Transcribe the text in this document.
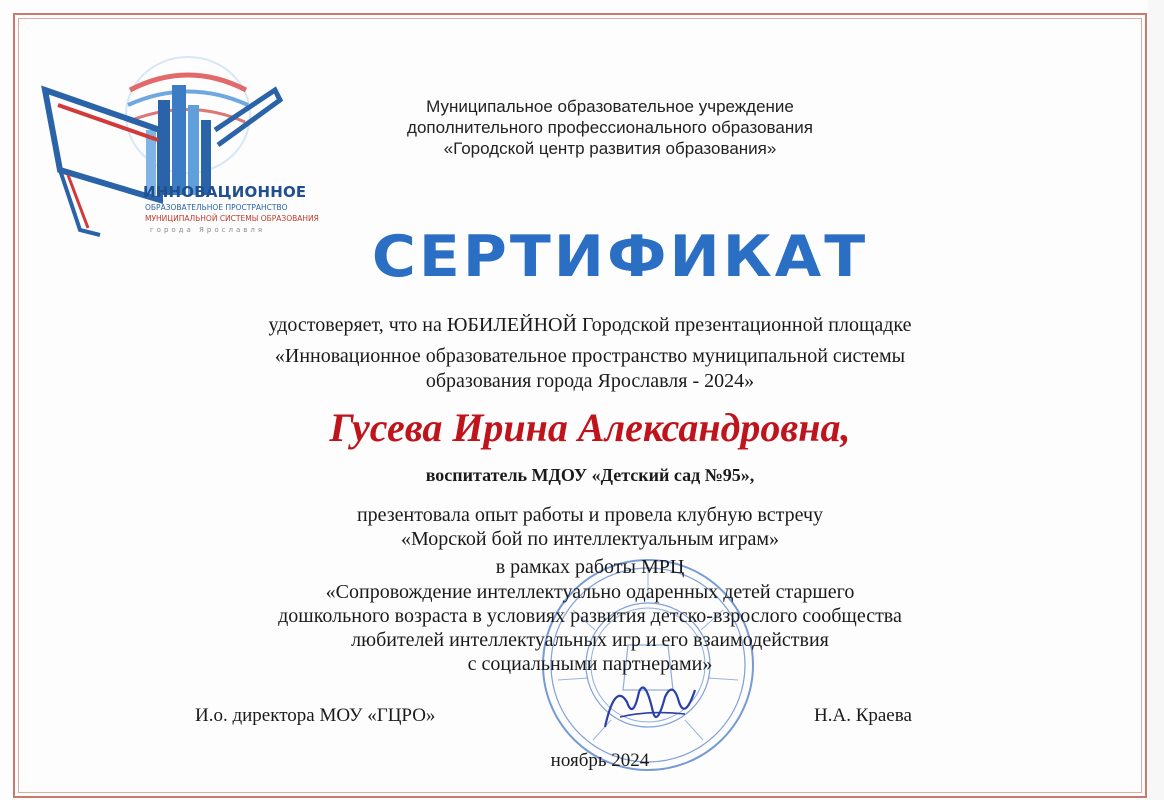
ИННОВАЦИОННОЕ
ОБРАЗОВАТЕЛЬНОЕ ПРОСТРАНСТВО
МУНИЦИПАЛЬНОЙ СИСТЕМЫ ОБРАЗОВАНИЯ
города Ярославля
Муниципальное образовательное учреждение
дополнительного профессионального образования
«Городской центр развития образования»
СЕРТИФИКАТ
удостоверяет, что на ЮБИЛЕЙНОЙ Городской презентационной площадке
«Инновационное образовательное пространство муниципальной системы
образования города Ярославля - 2024»
Гусева Ирина Александровна,
воспитатель МДОУ «Детский сад №95»,
презентовала опыт работы и провела клубную встречу
«Морской бой по интеллектуальным играм»
в рамках работы МРЦ
«Сопровождение интеллектуально одаренных детей старшего
дошкольного возраста в условиях развития детско-взрослого сообщества
любителей интеллектуальных игр и его взаимодействия
с социальными партнерами»
И.о. директора МОУ «ГЦРО»	Н.А. Краева
ноябрь 2024
